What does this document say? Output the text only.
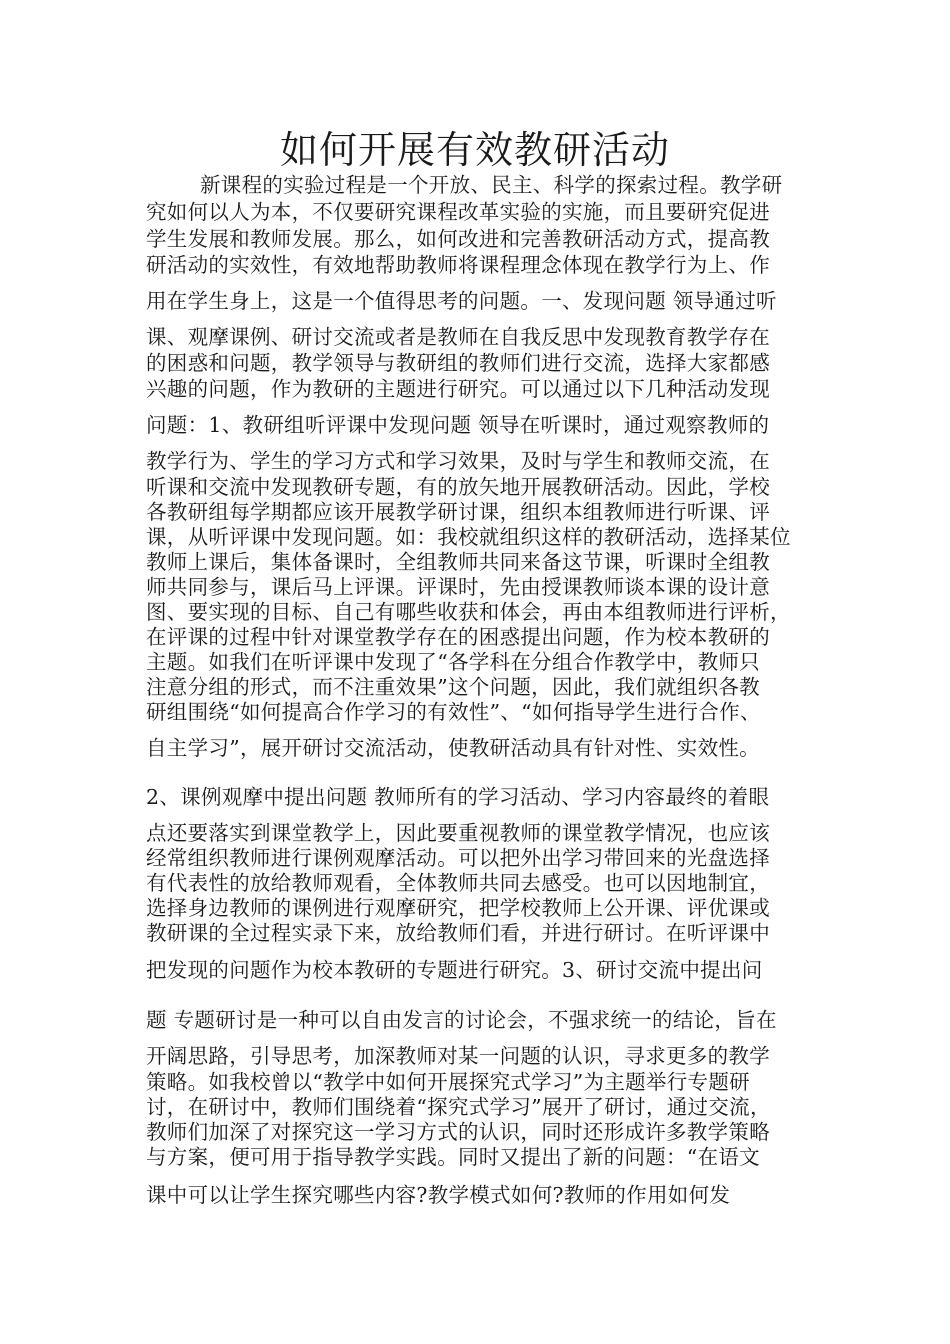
如何开展有效教研活动

新课程的实验过程是一个开放、民主、科学的探索过程。教学研

究如何以人为本，不仅要研究课程改革实验的实施，而且要研究促进

学生发展和教师发展。那么，如何改进和完善教研活动方式，提高教

研活动的实效性，有效地帮助教师将课程理念体现在教学行为上、作

用在学生身上，这是一个值得思考的问题。一、发现问题 领导通过听

课、观摩课例、研讨交流或者是教师在自我反思中发现教育教学存在

的困惑和问题，教学领导与教研组的教师们进行交流，选择大家都感

兴趣的问题，作为教研的主题进行研究。可以通过以下几种活动发现

问题：1、教研组听评课中发现问题 领导在听课时，通过观察教师的

教学行为、学生的学习方式和学习效果，及时与学生和教师交流，在

听课和交流中发现教研专题，有的放矢地开展教研活动。因此，学校

各教研组每学期都应该开展教学研讨课，组织本组教师进行听课、评

课，从听评课中发现问题。如：我校就组织这样的教研活动，选择某位

教师上课后，集体备课时，全组教师共同来备这节课，听课时全组教

师共同参与，课后马上评课。评课时，先由授课教师谈本课的设计意

图、要实现的目标、自己有哪些收获和体会，再由本组教师进行评析，

在评课的过程中针对课堂教学存在的困惑提出问题，作为校本教研的

主题。如我们在听评课中发现了“各学科在分组合作教学中，教师只

注意分组的形式，而不注重效果”这个问题，因此，我们就组织各教

研组围绕“如何提高合作学习的有效性”、“如何指导学生进行合作、

自主学习”，展开研讨交流活动，使教研活动具有针对性、实效性。

2、课例观摩中提出问题 教师所有的学习活动、学习内容最终的着眼

点还要落实到课堂教学上，因此要重视教师的课堂教学情况，也应该

经常组织教师进行课例观摩活动。可以把外出学习带回来的光盘选择

有代表性的放给教师观看，全体教师共同去感受。也可以因地制宜，

选择身边教师的课例进行观摩研究，把学校教师上公开课、评优课或

教研课的全过程实录下来，放给教师们看，并进行研讨。在听评课中

把发现的问题作为校本教研的专题进行研究。3、研讨交流中提出问

题 专题研讨是一种可以自由发言的讨论会，不强求统一的结论，旨在

开阔思路，引导思考，加深教师对某一问题的认识，寻求更多的教学

策略。如我校曾以“教学中如何开展探究式学习”为主题举行专题研

讨，在研讨中，教师们围绕着“探究式学习”展开了研讨，通过交流，

教师们加深了对探究这一学习方式的认识，同时还形成许多教学策略

与方案，便可用于指导教学实践。同时又提出了新的问题：“在语文

课中可以让学生探究哪些内容?教学模式如何?教师的作用如何发
